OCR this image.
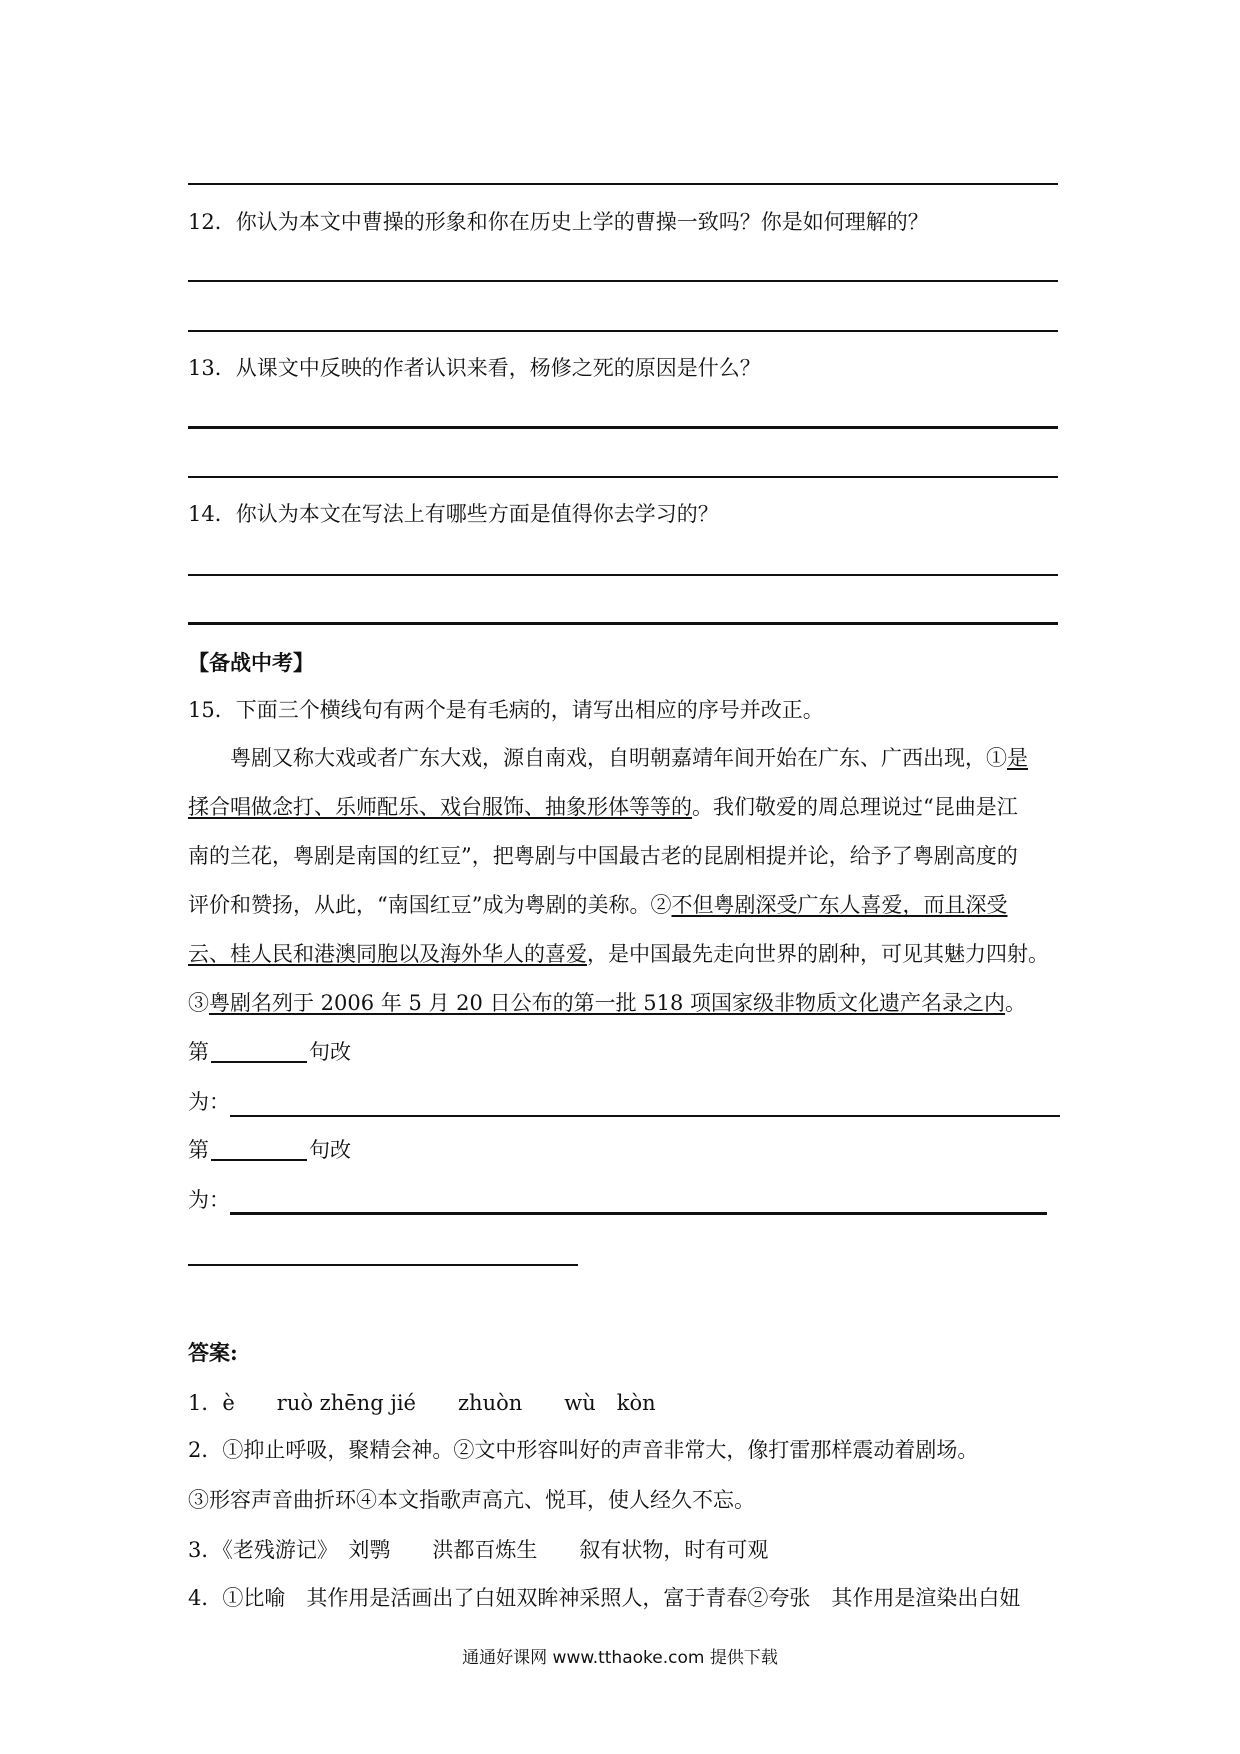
12．你认为本文中曹操的形象和你在历史上学的曹操一致吗？你是如何理解的？
13．从课文中反映的作者认识来看，杨修之死的原因是什么？
14．你认为本文在写法上有哪些方面是值得你去学习的？
【备战中考】
15．下面三个横线句有两个是有毛病的，请写出相应的序号并改正。
粤剧又称大戏或者广东大戏，源自南戏，自明朝嘉靖年间开始在广东、广西出现，①是
揉合唱做念打、乐师配乐、戏台服饰、抽象形体等等的。我们敬爱的周总理说过“昆曲是江
南的兰花，粤剧是南国的红豆”，把粤剧与中国最古老的昆剧相提并论，给予了粤剧高度的
评价和赞扬，从此，“南国红豆”成为粤剧的美称。②不但粤剧深受广东人喜爱，而且深受
云、桂人民和港澳同胞以及海外华人的喜爱，是中国最先走向世界的剧种，可见其魅力四射。
③粤剧名列于 2006 年 5 月 20 日公布的第一批 518 项国家级非物质文化遗产名录之内。
第	句改
为：
第	句改
为：
答案:
1．è　　ruò zhēng jié　　zhuòn　　wù　kòn
2．①抑止呼吸，聚精会神。②文中形容叫好的声音非常大，像打雷那样震动着剧场。
③形容声音曲折环④本文指歌声高亢、悦耳，使人经久不忘。
3．《老残游记》　刘鹗　　洪都百炼生　　叙有状物，时有可观
4．①比喻　其作用是活画出了白妞双眸神采照人，富于青春②夸张　其作用是渲染出白妞
通通好课网 www.tthaoke.com 提供下载
